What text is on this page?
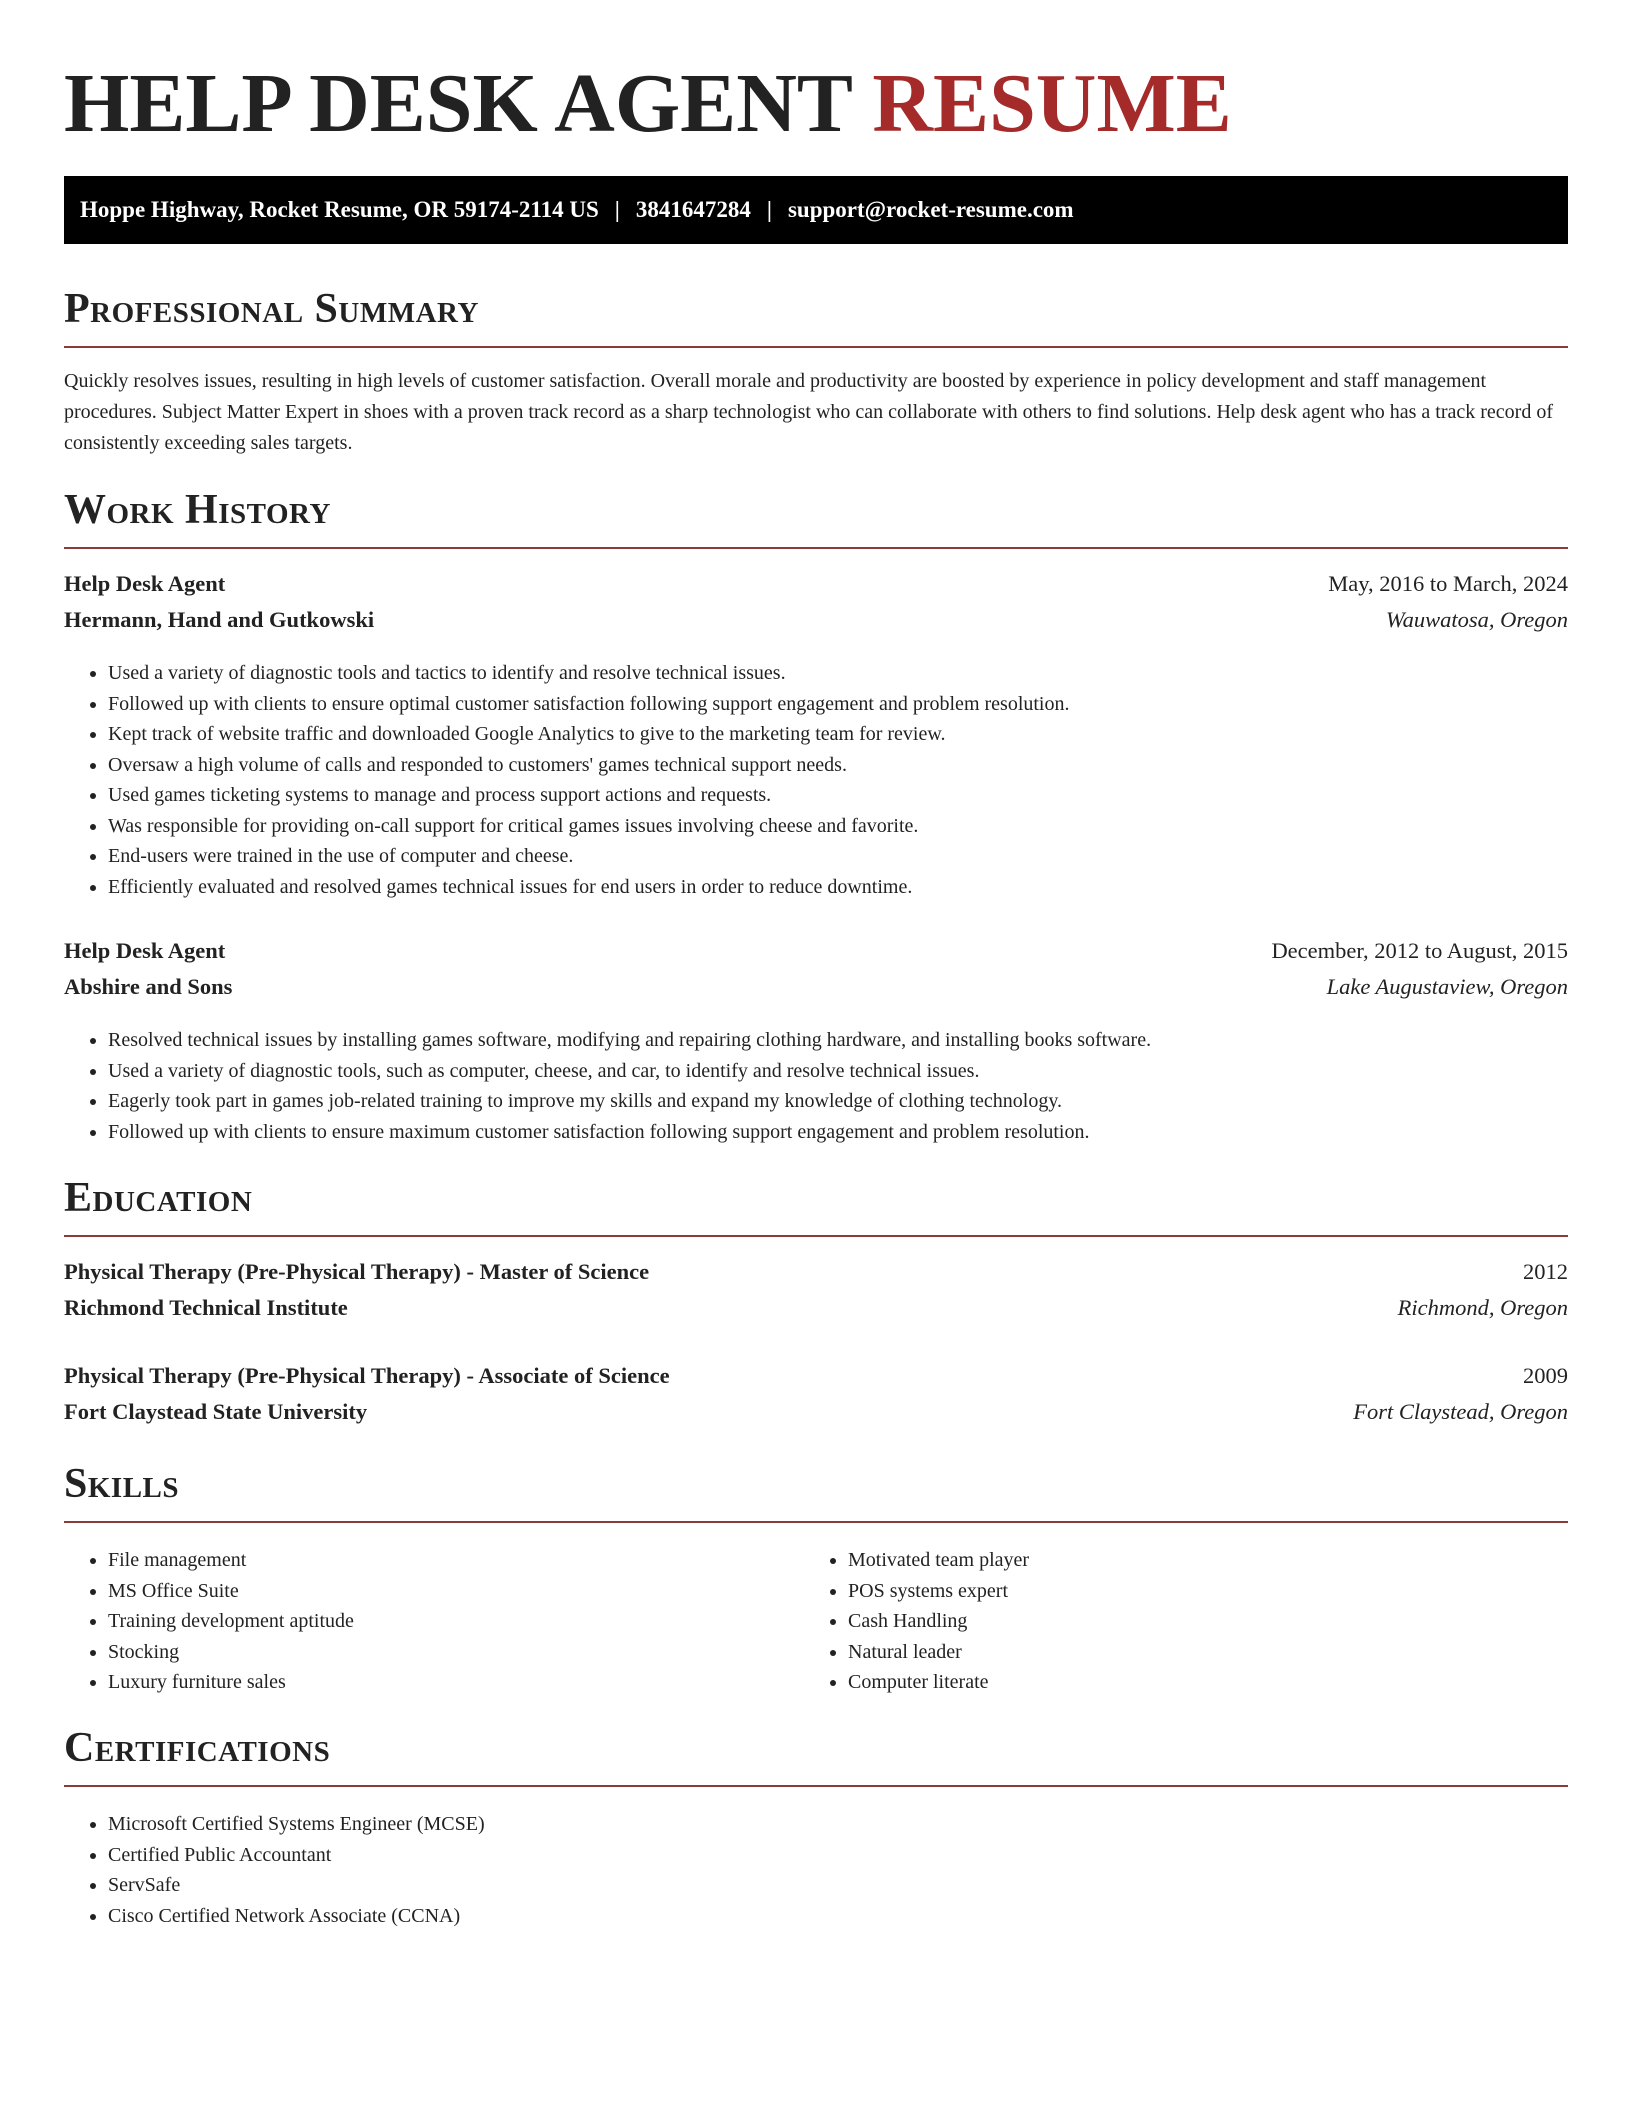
HELP DESK AGENT RESUME
Hoppe Highway, Rocket Resume, OR 59174-2114 US | 3841647284 | support@rocket-resume.com
Professional Summary

Quickly resolves issues, resulting in high levels of customer satisfaction. Overall morale and productivity are boosted by experience in policy development and staff management procedures. Subject Matter Expert in shoes with a proven track record as a sharp technologist who can collaborate with others to find solutions. Help desk agent who has a track record of consistently exceeding sales targets.

Work History
Help Desk Agent	May, 2016 to March, 2024
Hermann, Hand and Gutkowski	Wauwatosa, Oregon
• Used a variety of diagnostic tools and tactics to identify and resolve technical issues.
• Followed up with clients to ensure optimal customer satisfaction following support engagement and problem resolution.
• Kept track of website traffic and downloaded Google Analytics to give to the marketing team for review.
• Oversaw a high volume of calls and responded to customers' games technical support needs.
• Used games ticketing systems to manage and process support actions and requests.
• Was responsible for providing on-call support for critical games issues involving cheese and favorite.
• End-users were trained in the use of computer and cheese.
• Efficiently evaluated and resolved games technical issues for end users in order to reduce downtime.
Help Desk Agent	December, 2012 to August, 2015
Abshire and Sons	Lake Augustaview, Oregon
• Resolved technical issues by installing games software, modifying and repairing clothing hardware, and installing books software.
• Used a variety of diagnostic tools, such as computer, cheese, and car, to identify and resolve technical issues.
• Eagerly took part in games job-related training to improve my skills and expand my knowledge of clothing technology.
• Followed up with clients to ensure maximum customer satisfaction following support engagement and problem resolution.
Education
Physical Therapy (Pre-Physical Therapy) - Master of Science	2012
Richmond Technical Institute	Richmond, Oregon
Physical Therapy (Pre-Physical Therapy) - Associate of Science	2009
Fort Claystead State University	Fort Claystead, Oregon
Skills
• File management
• MS Office Suite
• Training development aptitude
• Stocking
• Luxury furniture sales
• Motivated team player
• POS systems expert
• Cash Handling
• Natural leader
• Computer literate
Certifications
• Microsoft Certified Systems Engineer (MCSE)
• Certified Public Accountant
• ServSafe
• Cisco Certified Network Associate (CCNA)
